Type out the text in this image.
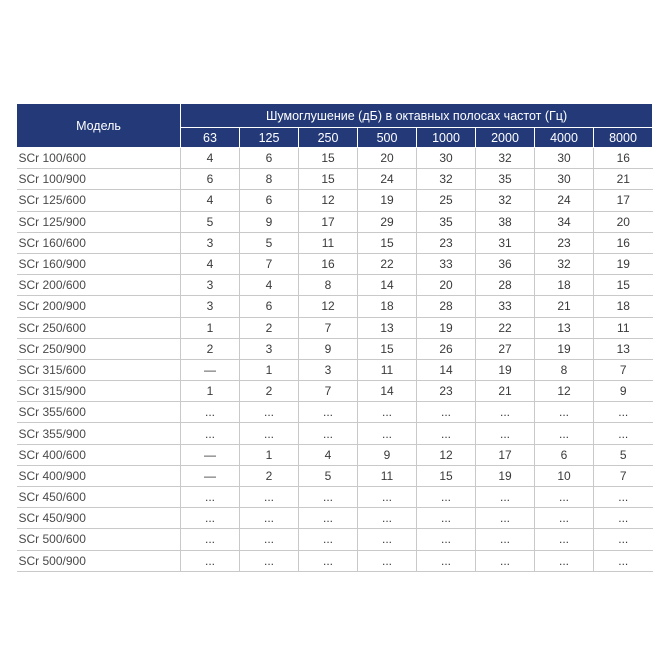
Модель	Шумоглушение (дБ) в октавных полосах частот (Гц)							
	63	125	250	500	1000	2000	4000	8000
SCr 100/600	4	6	15	20	30	32	30	16
SCr 100/900	6	8	15	24	32	35	30	21
SCr 125/600	4	6	12	19	25	32	24	17
SCr 125/900	5	9	17	29	35	38	34	20
SCr 160/600	3	5	11	15	23	31	23	16
SCr 160/900	4	7	16	22	33	36	32	19
SCr 200/600	3	4	8	14	20	28	18	15
SCr 200/900	3	6	12	18	28	33	21	18
SCr 250/600	1	2	7	13	19	22	13	11
SCr 250/900	2	3	9	15	26	27	19	13
SCr 315/600	—	1	3	11	14	19	8	7
SCr 315/900	1	2	7	14	23	21	12	9
SCr 355/600	...	...	...	...	...	...	...	...
SCr 355/900	...	...	...	...	...	...	...	...
SCr 400/600	—	1	4	9	12	17	6	5
SCr 400/900	—	2	5	11	15	19	10	7
SCr 450/600	...	...	...	...	...	...	...	...
SCr 450/900	...	...	...	...	...	...	...	...
SCr 500/600	...	...	...	...	...	...	...	...
SCr 500/900	...	...	...	...	...	...	...	...
